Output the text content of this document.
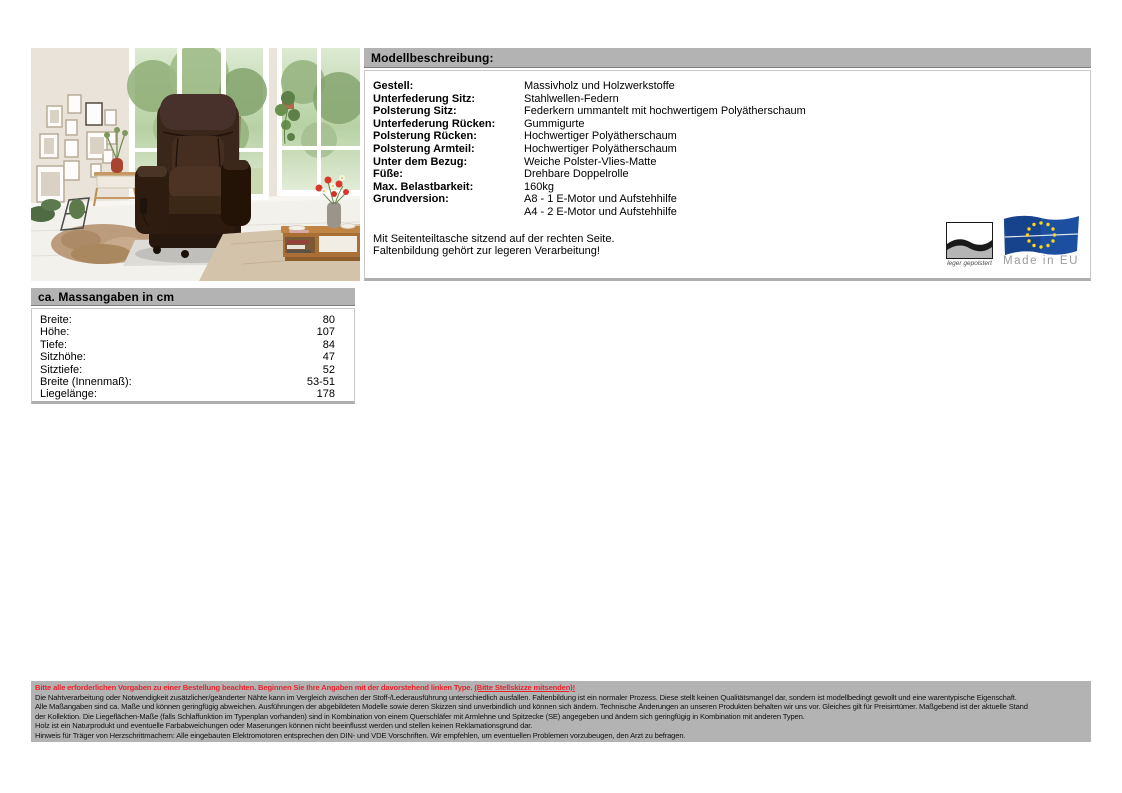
Modellbeschreibung:
Gestell:	Massivholz und Holzwerkstoffe
Unterfederung Sitz:	Stahlwellen-Federn
Polsterung Sitz:	Federkern ummantelt mit hochwertigem Polyätherschaum
Unterfederung Rücken:	Gummigurte
Polsterung Rücken:	Hochwertiger Polyätherschaum
Polsterung Armteil:	Hochwertiger Polyätherschaum
Unter dem Bezug:	Weiche Polster-Vlies-Matte
Füße:	Drehbare Doppelrolle
Max. Belastbarkeit:	160kg
Grundversion:	A8 - 1 E-Motor und Aufstehhilfe
	A4 - 2 E-Motor und Aufstehhilfe
Mit Seitenteiltasche sitzend auf der rechten Seite.
Faltenbildung gehört zur legeren Verarbeitung!
leger gepolstert Made in EU
ca. Massangaben in cm
Breite:	80
Höhe:	107
Tiefe:	84
Sitzhöhe:	47
Sitztiefe:	52
Breite (Innenmaß):	53-51
Liegelänge:	178
Bitte alle erforderlichen Vorgaben zu einer Bestellung beachten. Beginnen Sie Ihre Angaben mit der davorstehend linken Type. (Bitte Stellskizze mitsenden)!
Die Nahtverarbeitung oder Notwendigkeit zusätzlicher/geänderter Nähte kann im Vergleich zwischen der Stoff-/Lederausführung unterschiedlich ausfallen. Faltenbildung ist ein normaler Prozess. Diese stellt keinen Qualitätsmangel dar, sondern ist modellbedingt gewollt und eine warentypische Eigenschaft.
Alle Maßangaben sind ca. Maße und können geringfügig abweichen. Ausführungen der abgebildeten Modelle sowie deren Skizzen sind unverbindlich und können sich ändern. Technische Änderungen an unseren Produkten behalten wir uns vor. Gleiches gilt für Preisirrtümer. Maßgebend ist der aktuelle Stand
der Kollektion. Die Liegeflächen-Maße (falls Schlaffunktion im Typenplan vorhanden) sind in Kombination von einem Querschläfer mit Armlehne und Spitzecke (SE) angegeben und ändern sich geringfügig in Kombination mit anderen Typen.
Holz ist ein Naturprodukt und eventuelle Farbabweichungen oder Maserungen können nicht beeinflusst werden und stellen keinen Reklamationsgrund dar.
Hinweis für Träger von Herzschrittmachern: Alle eingebauten Elektromotoren entsprechen den DIN- und VDE Vorschriften. Wir empfehlen, um eventuellen Problemen vorzubeugen, den Arzt zu befragen.
